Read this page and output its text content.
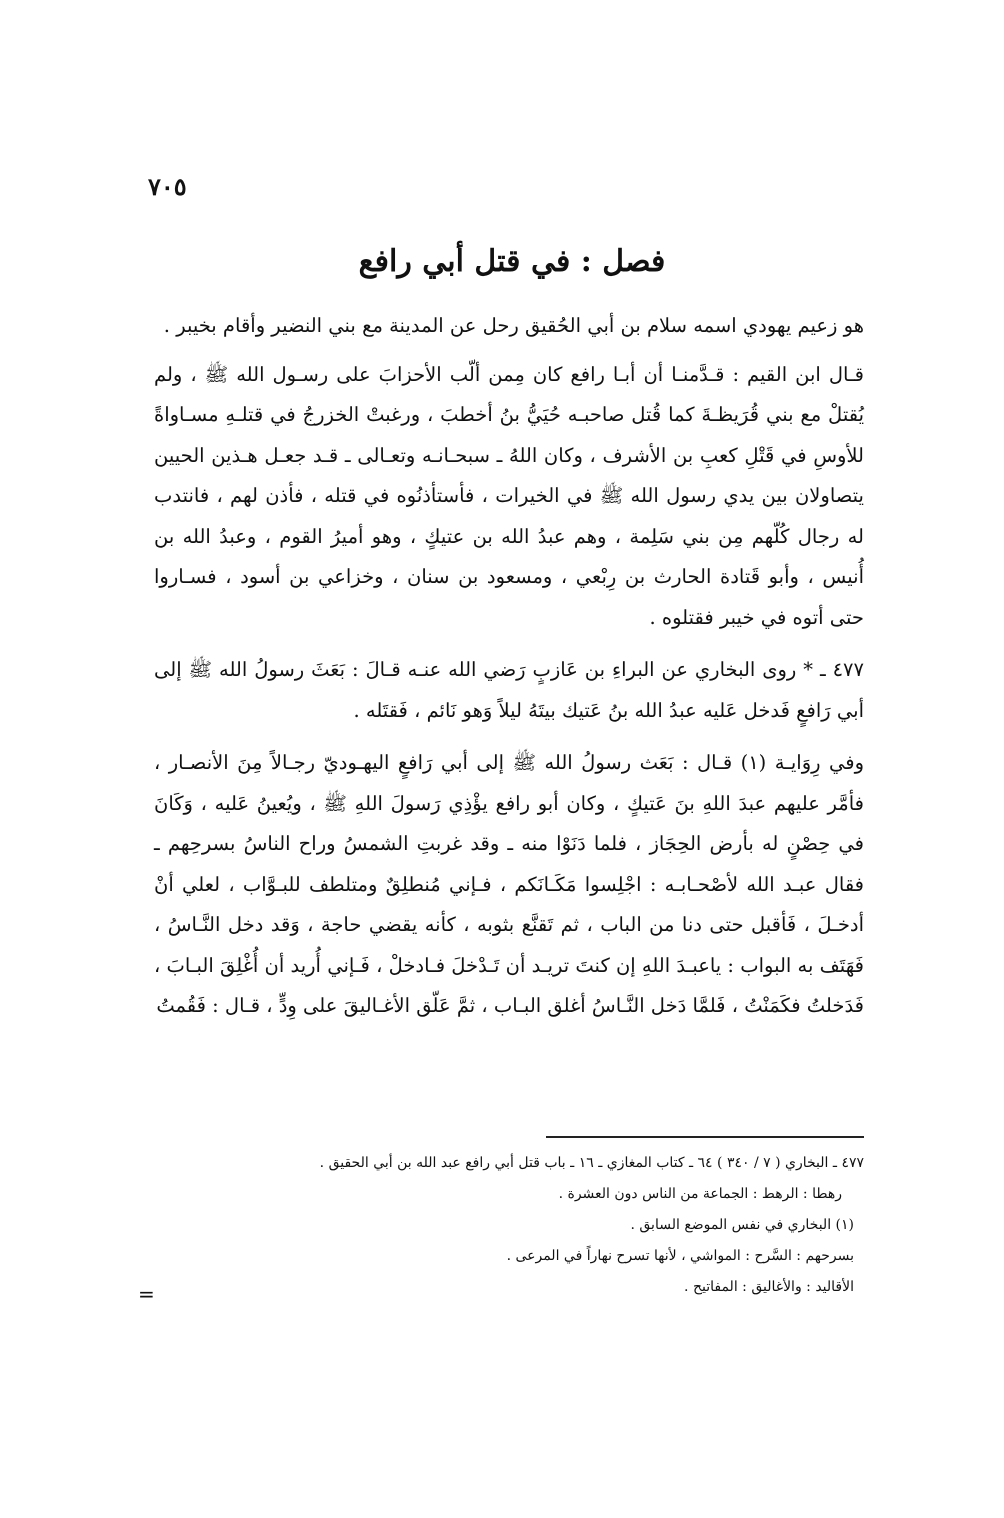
٧٠٥
فصل : في قتل أبي رافع

هو زعيم يهودي اسمه سلام بن أبي الحُقيق رحل عن المدينة مع بني النضير وأقام بخيبر .

قـال ابن القيم : قـدَّمنـا أن أبـا رافع كان مِمن ألّب الأحزابَ على رسـول الله ﷺ ، ولم يُقتلْ مع بني قُرَيظـةَ كما قُتل صاحبـه حُيَيُّ بنُ أخطبَ ، ورغبتْ الخزرجُ في قتلـهِ مسـاواةً للأوسِ في قَتْلِ كعبِ بن الأشرف ، وكان اللهُ ـ سبحـانـه وتعـالى ـ قـد جعـل هـذين الحيين يتصاولان بين يدي رسول الله ﷺ في الخيرات ، فأستأذنُوه في قتله ، فأذن لهم ، فانتدب له رجال كُلّهم مِن بني سَلِمة ، وهم عبدُ الله بن عتيكٍ ، وهو أميرُ القوم ، وعبدُ الله بن أُنيس ، وأبو قَتادة الحارث بن رِبْعي ، ومسعود بن سنان ، وخزاعي بن أسود ، فسـاروا حتى أتوه في خيبر فقتلوه .

٤٧٧ ـ * روى البخاري عن البراءِ بن عَازبٍ رَضي الله عنـه قـالَ : بَعَثَ رسولُ الله ﷺ إلى أبي رَافعٍ فَدخل عَليه عبدُ الله بنُ عَتيك بيتَهُ ليلاً وَهو نَائم ، فَقتَله .

وفي رِوَايـة (١) قـال : بَعَث رسولُ الله ﷺ إلى أبي رَافعٍ اليهـوديّ رجـالاً مِنَ الأنصـار ، فأمَّر عليهم عبدَ اللهِ بنَ عَتيكٍ ، وكان أبو رافع يؤْذِي رَسولَ اللهِ ﷺ ، ويُعينُ عَليه ، وَكَانَ في حِصْنٍ له بأرض الحِجَاز ، فلما دَنَوْا منه ـ وقد غربتِ الشمسُ وراح الناسُ بسرحِهم ـ فقال عبـد الله لأصْحـابـه : اجْلِسوا مَكَـانَكم ، فـإني مُنطلِقٌ ومتلطف للبـوَّاب ، لعلي أنْ أدخـلَ ، فَأقبل حتى دنا من الباب ، ثم تَقنَّع بثوبه ، كأنه يقضي حاجة ، وَقد دخل النَّـاسُ ، فَهَتَف به البواب : ياعبـدَ اللهِ إن كنتَ تريـد أن تَـدْخلَ فـادخلْ ، فَـإني أُريد أن أُغْلِقَ البـابَ ، فَدَخلتُ فكَمَنْتُ ، فَلمَّا دَخل النَّـاسُ أغلق البـاب ، ثمَّ عَلّق الأغـاليقَ على وِدٍّ ، قـال : فَقُمتُ

٤٧٧ ـ البخاري ( ٧ / ٣٤٠ ) ٦٤ ـ كتاب المغازي ـ ١٦ ـ باب قتل أبي رافع عبد الله بن أبي الحقيق .

رهطا : الرهط : الجماعة من الناس دون العشرة .

(١) البخاري في نفس الموضع السابق .

بسرحهم : السَّرح : المواشي ، لأنها تسرح نهاراً في المرعى .

الأقاليد : والأغاليق : المفاتيح .

=
